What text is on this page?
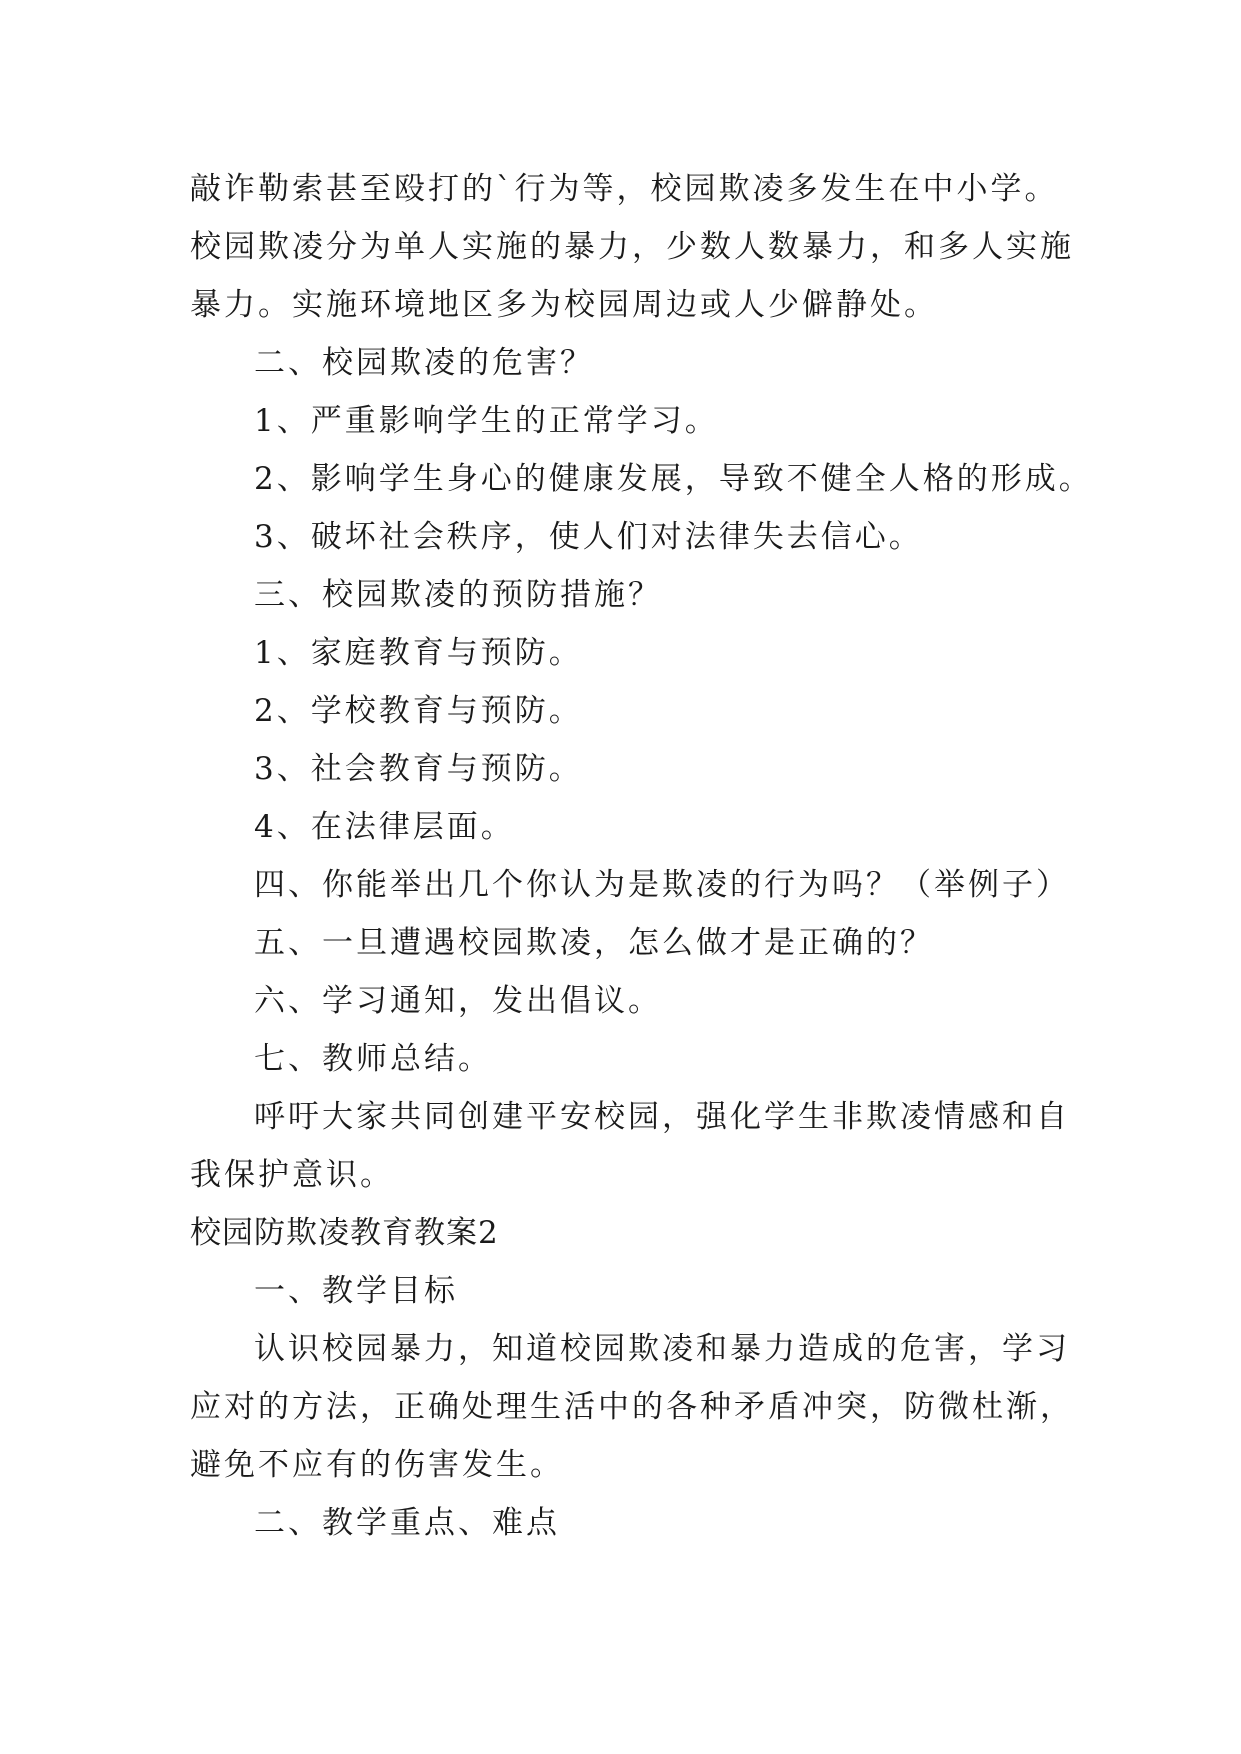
敲诈勒索甚至殴打的`行为等，校园欺凌多发生在中小学。
校园欺凌分为单人实施的暴力，少数人数暴力，和多人实施
暴力。实施环境地区多为校园周边或人少僻静处。
二、校园欺凌的危害？
1、严重影响学生的正常学习。
2、影响学生身心的健康发展，导致不健全人格的形成。
3、破坏社会秩序，使人们对法律失去信心。
三、校园欺凌的预防措施？
1、家庭教育与预防。
2、学校教育与预防。
3、社会教育与预防。
4、在法律层面。
四、你能举出几个你认为是欺凌的行为吗？（举例子）
五、一旦遭遇校园欺凌，怎么做才是正确的？
六、学习通知，发出倡议。
七、教师总结。
呼吁大家共同创建平安校园，强化学生非欺凌情感和自
我保护意识。
校园防欺凌教育教案2
一、教学目标
认识校园暴力，知道校园欺凌和暴力造成的危害，学习
应对的方法，正确处理生活中的各种矛盾冲突，防微杜渐，
避免不应有的伤害发生。
二、教学重点、难点
